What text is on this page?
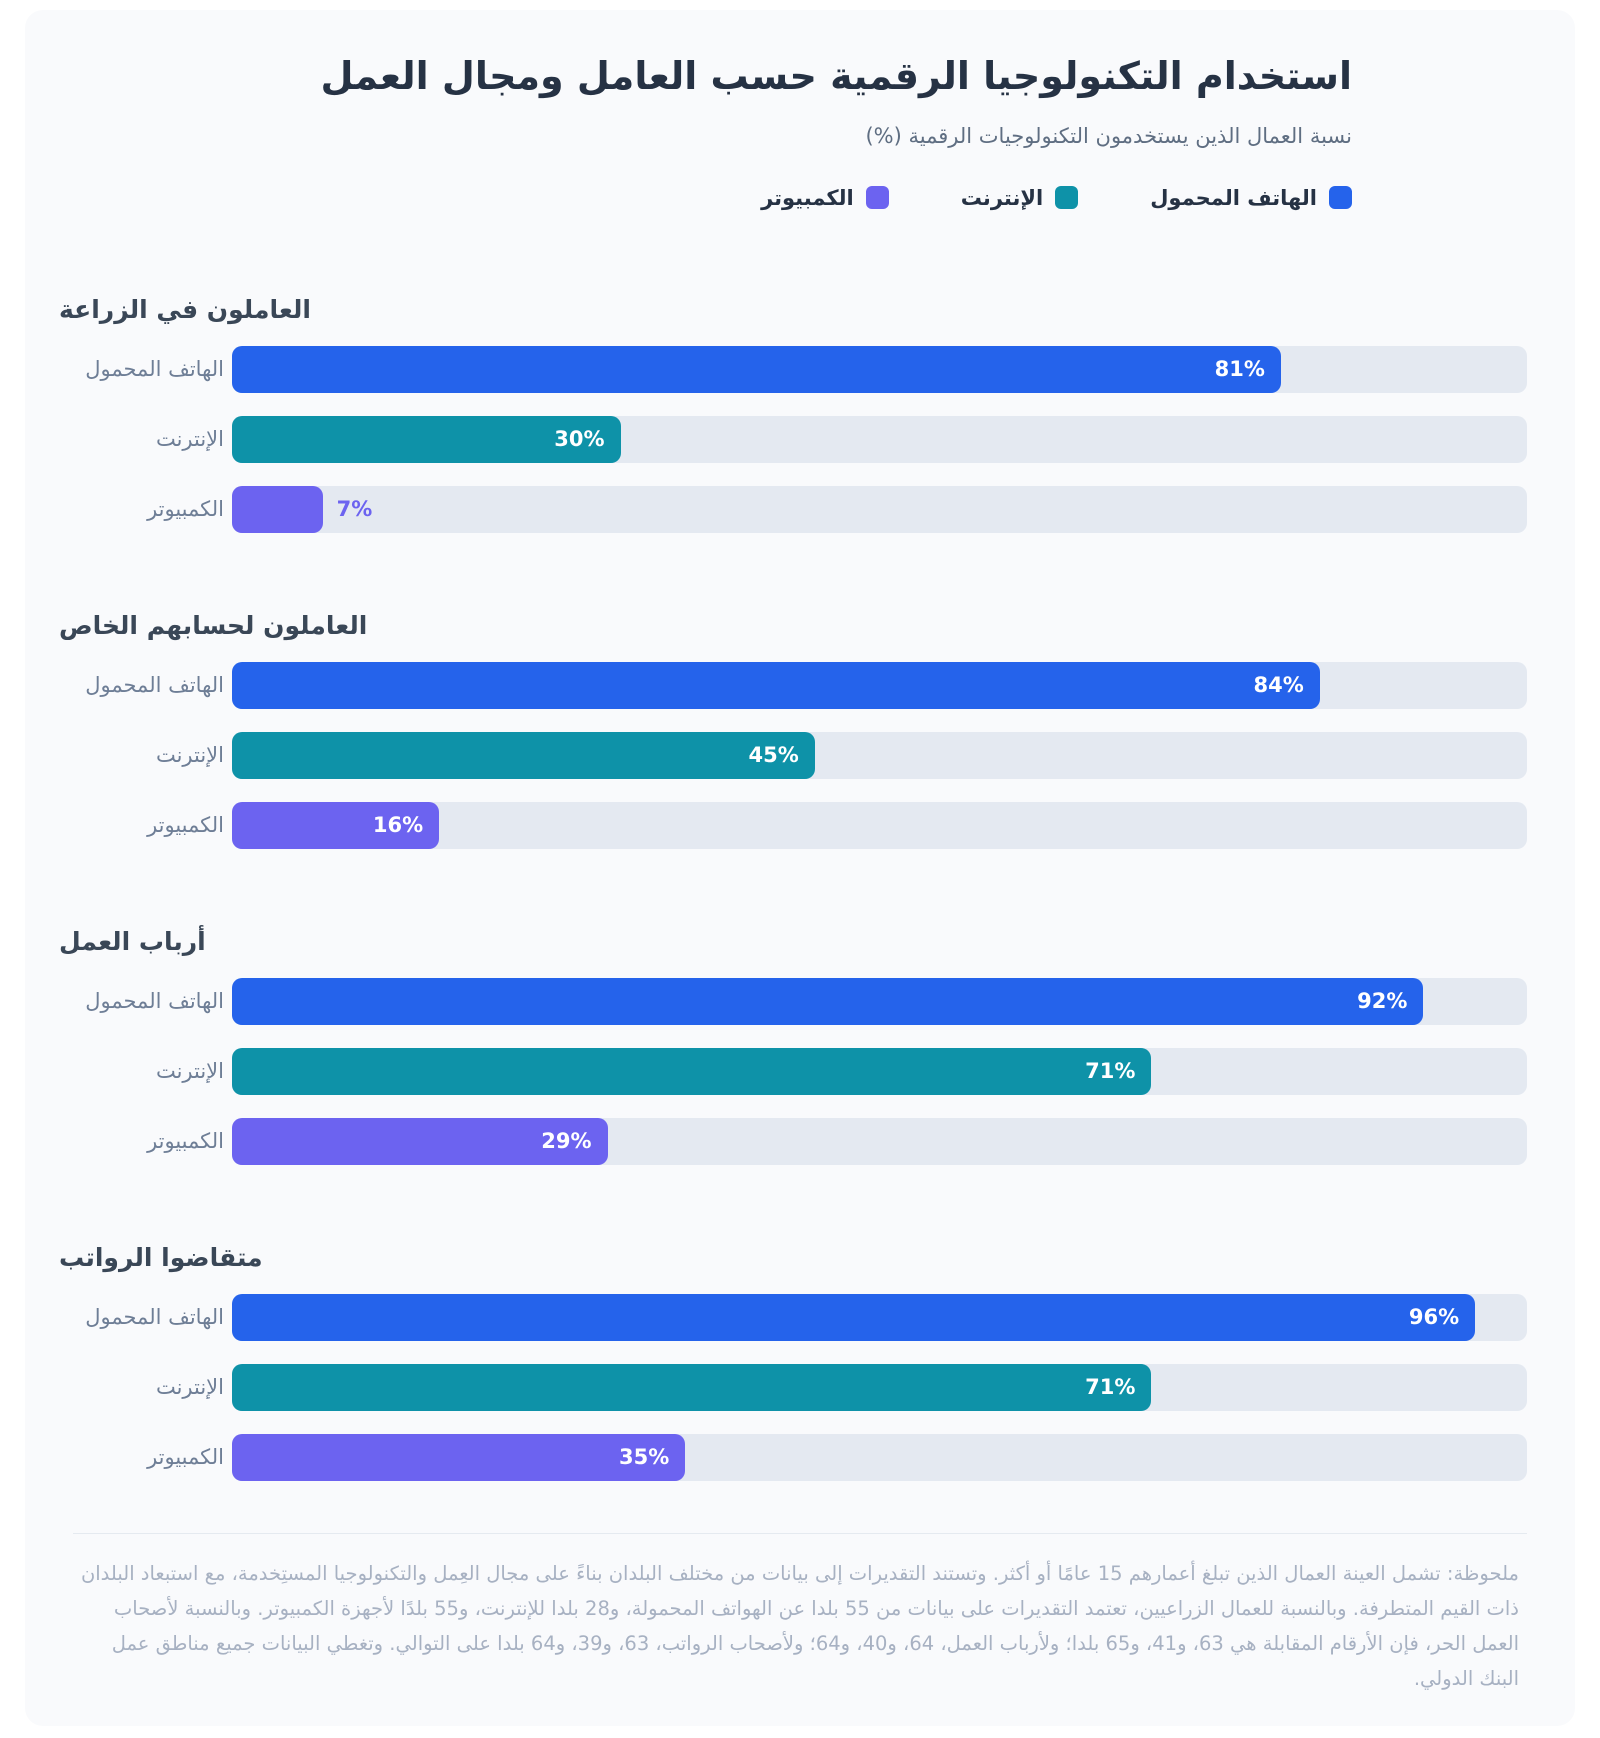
استخدام التكنولوجيا الرقمية حسب العامل ومجال العمل

نسبة العمال الذين يستخدمون التكنولوجيات الرقمية (%)

الهاتف المحمول
الإنترنت
الكمبيوتر
العاملون في الزراعة
الهاتف المحمول	81%
الإنترنت	30%
الكمبيوتر	7%
العاملون لحسابهم الخاص
الهاتف المحمول	84%
الإنترنت	45%
الكمبيوتر	16%
أرباب العمل
الهاتف المحمول	92%
الإنترنت	71%
الكمبيوتر	29%
متقاضوا الرواتب
الهاتف المحمول	96%
الإنترنت	71%
الكمبيوتر	35%
ملحوظة: تشمل العينة العمال الذين تبلغ أعمارهم 15 عامًا أو أكثر. وتستند التقديرات إلى بيانات من مختلف البلدان بناءً على مجال العِمل والتكنولوجيا المستِخدمة، مع استبعاد البلدان ذات القيم المتطرفة. وبالنسبة للعمال الزراعيين، تعتمد التقديرات على بيانات من 55 بلدا عن الهواتف المحمولة، و28 بلدا للإنترنت، و55 بلدًا لأجهزة الكمبيوتر. وبالنسبة لأصحاب العمل الحر، فإن الأرقام المقابلة هي 63، و41، و65 بلدا؛ ولأرباب العمل، 64، و40، و64؛ ولأصحاب الرواتب، 63، و39، و64 بلدا على التوالي. وتغطي البيانات جميع مناطق عمل البنك الدولي.
